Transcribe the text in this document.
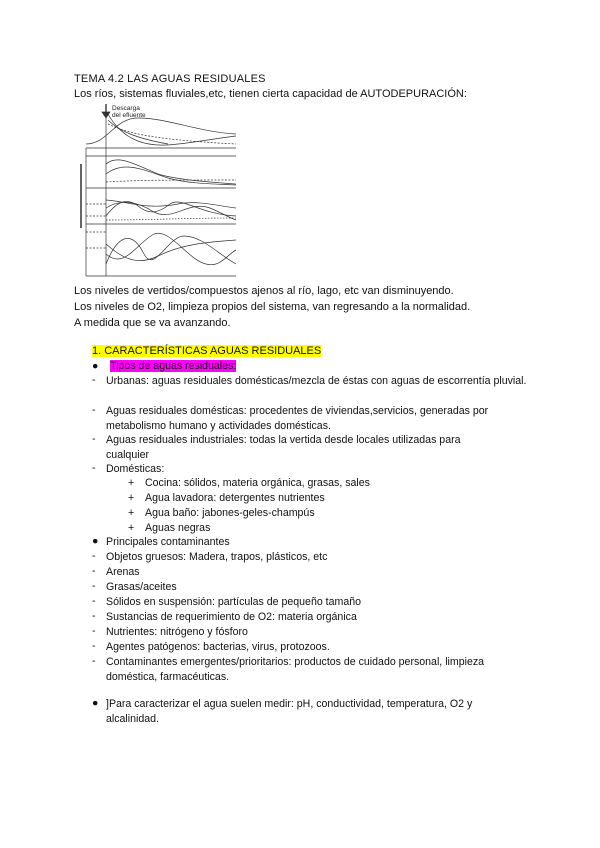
TEMA 4.2 LAS AGUAS RESIDUALES
Los ríos, sistemas fluviales,etc, tienen cierta capacidad de AUTODEPURACIÓN:
Descarga
del efluente
Los niveles de vertidos/compuestos ajenos al río, lago, etc van disminuyendo.
Los niveles de O2, limpieza propios del sistema, van regresando a la normalidad.
A medida que se va avanzando.
1. CARACTERÍSTICAS AGUAS RESIDUALES
● Tipos de aguas residuales:
- Urbanas: aguas residuales domésticas/mezcla de éstas con aguas de escorrentía pluvial.
- Aguas residuales domésticas: procedentes de viviendas,servicios, generadas por metabolismo humano y actividades domésticas.
- Aguas residuales industriales: todas la vertida desde locales utilizadas para cualquier
- Domésticas:
+ Cocina: sólidos, materia orgánica, grasas, sales
+ Agua lavadora: detergentes nutrientes
+ Agua baño: jabones-geles-champús
+ Aguas negras
● Principales contaminantes
- Objetos gruesos: Madera, trapos, plásticos, etc
- Arenas
- Grasas/aceites
- Sólidos en suspensión: partículas de pequeño tamaño
- Sustancias de requerimiento de O2: materia orgánica
- Nutrientes: nitrógeno y fósforo
- Agentes patógenos: bacterias, virus, protozoos.
- Contaminantes emergentes/prioritarios: productos de cuidado personal, limpieza doméstica, farmacéuticas.
● ]Para caracterizar el agua suelen medir: pH, conductividad, temperatura, O2 y alcalinidad.
